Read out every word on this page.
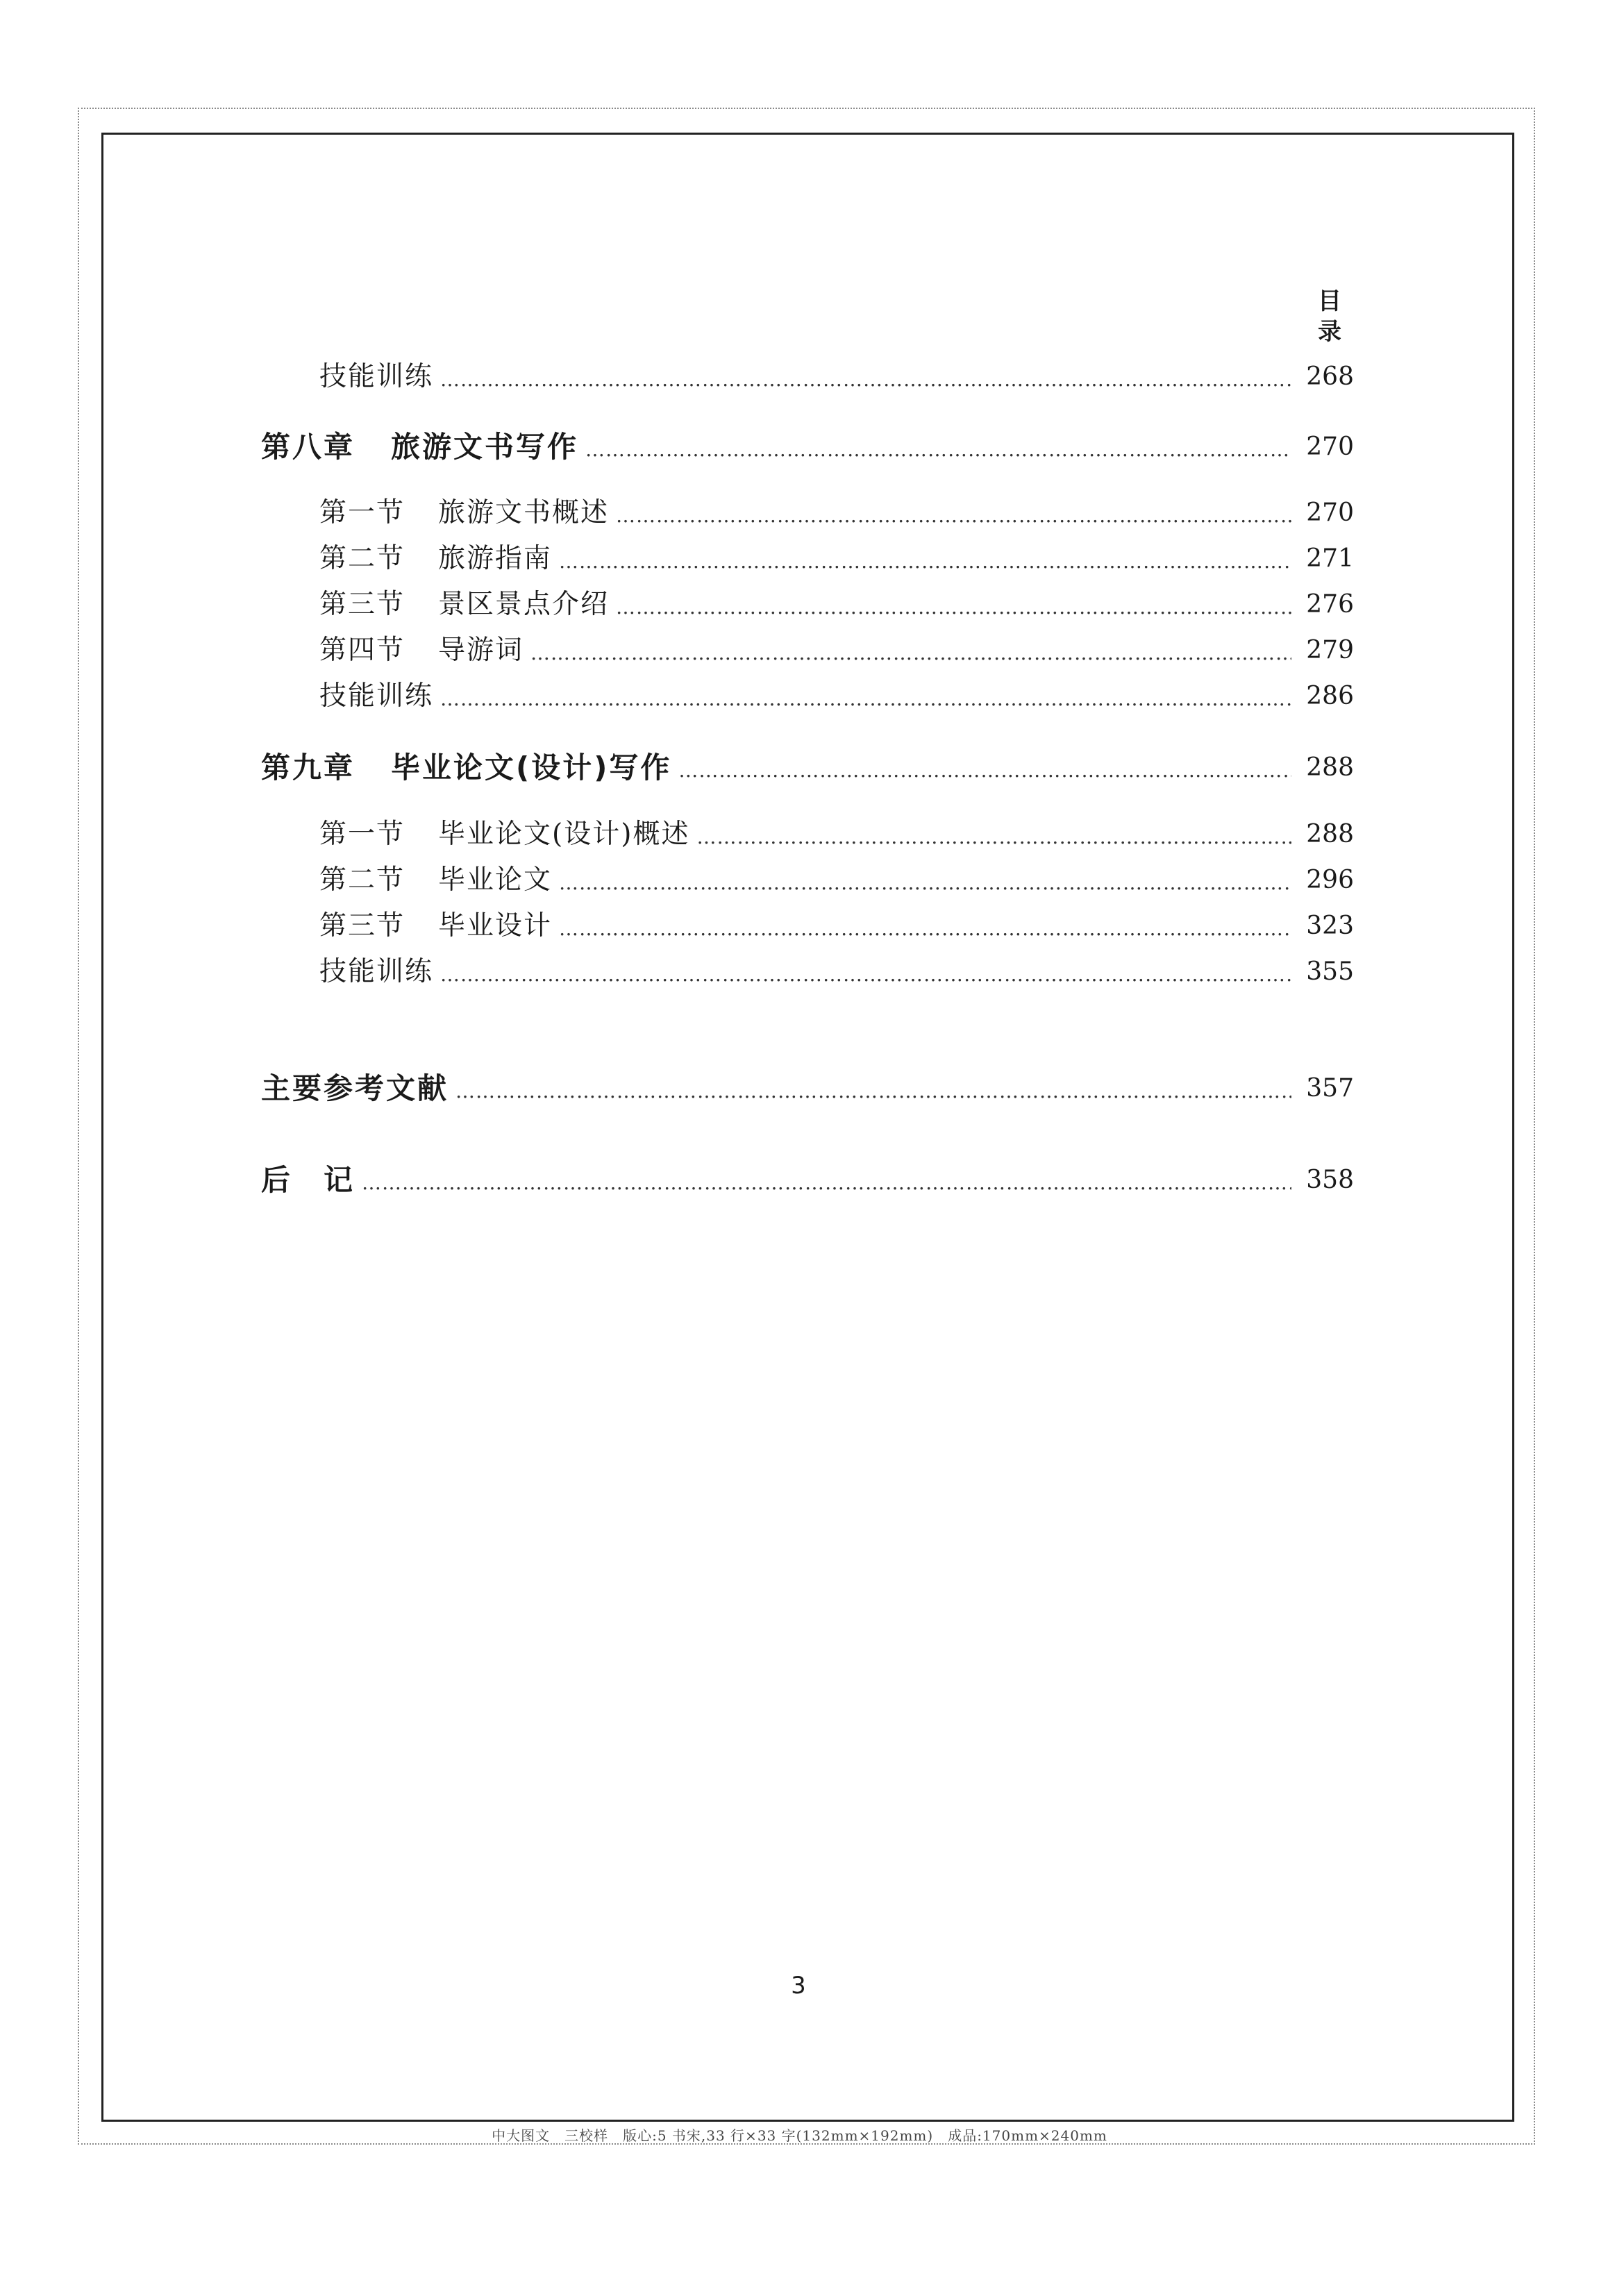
目 录
技能训练 ……………………………………………………………………………………………………………………………………………………………………………………………………………………………………………………………………………………………………………………	268
第八章 旅游文书写作 ……………………………………………………………………………………………………………………………………………………………………………………………………………………………………………………………………………………………………………………	270
第一节 旅游文书概述 ……………………………………………………………………………………………………………………………………………………………………………………………………………………………………………………………………………………………………………………	270
第二节 旅游指南 ……………………………………………………………………………………………………………………………………………………………………………………………………………………………………………………………………………………………………………………	271
第三节 景区景点介绍 ……………………………………………………………………………………………………………………………………………………………………………………………………………………………………………………………………………………………………………………	276
第四节 导游词 ……………………………………………………………………………………………………………………………………………………………………………………………………………………………………………………………………………………………………………………	279
技能训练 ……………………………………………………………………………………………………………………………………………………………………………………………………………………………………………………………………………………………………………………	286
第九章 毕业论文(设计)写作 ……………………………………………………………………………………………………………………………………………………………………………………………………………………………………………………………………………………………………………………	288
第一节 毕业论文(设计)概述 ……………………………………………………………………………………………………………………………………………………………………………………………………………………………………………………………………………………………………………………	288
第二节 毕业论文 ……………………………………………………………………………………………………………………………………………………………………………………………………………………………………………………………………………………………………………………	296
第三节 毕业设计 ……………………………………………………………………………………………………………………………………………………………………………………………………………………………………………………………………………………………………………………	323
技能训练 ……………………………………………………………………………………………………………………………………………………………………………………………………………………………………………………………………………………………………………………	355
主要参考文献 ……………………………………………………………………………………………………………………………………………………………………………………………………………………………………………………………………………………………………………………	357
后　记 ……………………………………………………………………………………………………………………………………………………………………………………………………………………………………………………………………………………………………………………	358
3
中大图文　三校样　版心:5 书宋,33 行×33 字(132mm×192mm)　成品:170mm×240mm
